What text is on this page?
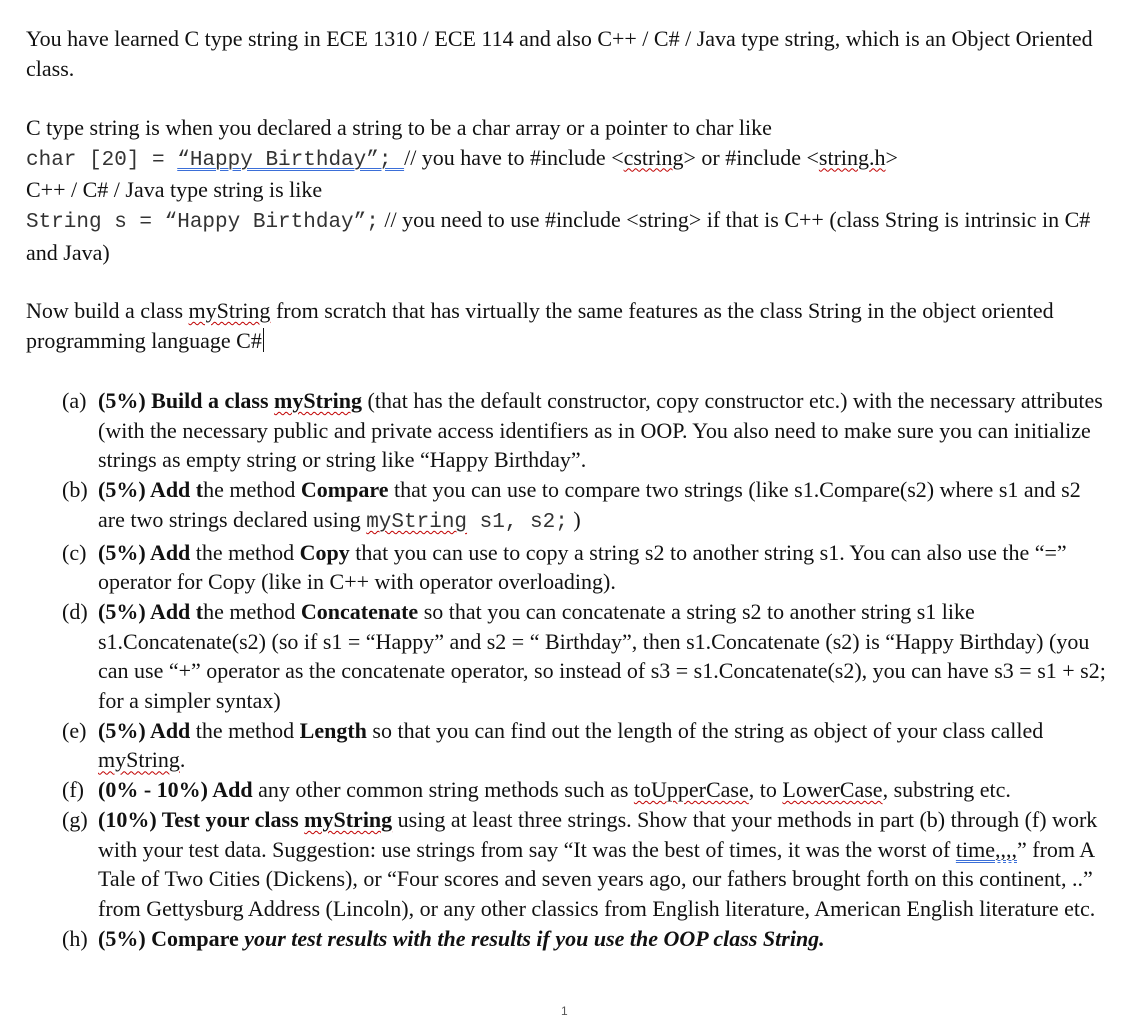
You have learned C type string in ECE 1310 / ECE 114 and also C++ / C# / Java type string, which is an Object Oriented class.

C type string is when you declared a string to be a char array or a pointer to char like
char [20] = “Happy Birthday”; // you have to #include <cstring> or #include <string.h>
C++ / C# / Java type string is like
String s = “Happy Birthday”; // you need to use #include <string> if that is C++ (class String is intrinsic in C# and Java)

Now build a class myString from scratch that has virtually the same features as the class String in the object oriented programming language C#

(a) (5%) Build a class myString (that has the default constructor, copy constructor etc.) with the necessary attributes (with the necessary public and private access identifiers as in OOP. You also need to make sure you can initialize strings as empty string or string like “Happy Birthday”.
(b) (5%) Add the method Compare that you can use to compare two strings (like s1.Compare(s2) where s1 and s2 are two strings declared using myString s1, s2; )
(c) (5%) Add the method Copy that you can use to copy a string s2 to another string s1. You can also use the “=” operator for Copy (like in C++ with operator overloading).
(d) (5%) Add the method Concatenate so that you can concatenate a string s2 to another string s1 like s1.Concatenate(s2) (so if s1 = “Happy” and s2 = “ Birthday”, then s1.Concatenate (s2) is “Happy Birthday) (you can use “+” operator as the concatenate operator, so instead of s3 = s1.Concatenate(s2), you can have s3 = s1 + s2; for a simpler syntax)
(e) (5%) Add the method Length so that you can find out the length of the string as object of your class called myString.
(f) (0% - 10%) Add any other common string methods such as toUpperCase, to LowerCase, substring etc.
(g) (10%) Test your class myString using at least three strings. Show that your methods in part (b) through (f) work with your test data. Suggestion: use strings from say “It was the best of times, it was the worst of time,,,,” from A Tale of Two Cities (Dickens), or “Four scores and seven years ago, our fathers brought forth on this continent, ..” from Gettysburg Address (Lincoln), or any other classics from English literature, American English literature etc.
(h) (5%) Compare your test results with the results if you use the OOP class String.
1
